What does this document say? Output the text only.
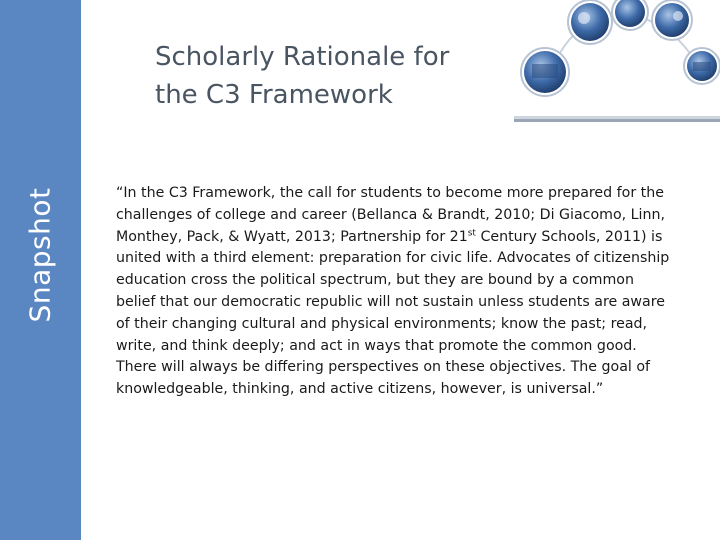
Snapshot
Scholarly Rationale for the C3 Framework

“In the C3 Framework, the call for students to become more prepared for the challenges of college and career (Bellanca & Brandt, 2010; Di Giacomo, Linn, Monthey, Pack, & Wyatt, 2013; Partnership for 21st Century Schools, 2011) is united with a third element: preparation for civic life. Advocates of citizenship education cross the political spectrum, but they are bound by a common belief that our democratic republic will not sustain unless students are aware of their changing cultural and physical environments; know the past; read, write, and think deeply; and act in ways that promote the common good. There will always be differing perspectives on these objectives. The goal of knowledgeable, thinking, and active citizens, however, is universal.”
